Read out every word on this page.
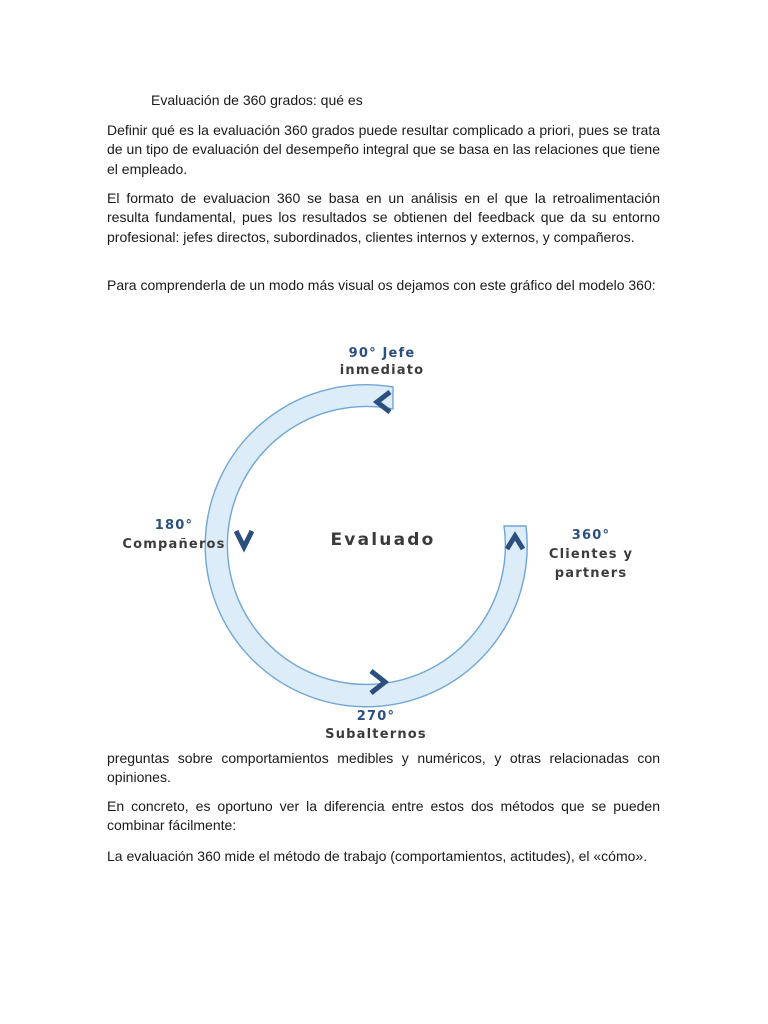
Evaluación de 360 grados: qué es

Definir qué es la evaluación 360 grados puede resultar complicado a priori, pues se trata de un tipo de evaluación del desempeño integral que se basa en las relaciones que tiene el empleado.

El formato de evaluacion 360 se basa en un análisis en el que la retroalimentación resulta fundamental, pues los resultados se obtienen del feedback que da su entorno profesional: jefes directos, subordinados, clientes internos y externos, y compañeros.

Para comprenderla de un modo más visual os dejamos con este gráfico del modelo 360:

Evaluado
90° Jefe
inmediato
180°
Compañeros
270°
Subalternos
360°
Clientes y
partners

preguntas sobre comportamientos medibles y numéricos, y otras relacionadas con opiniones.

En concreto, es oportuno ver la diferencia entre estos dos métodos que se pueden combinar fácilmente:

La evaluación 360 mide el método de trabajo (comportamientos, actitudes), el «cómo».
